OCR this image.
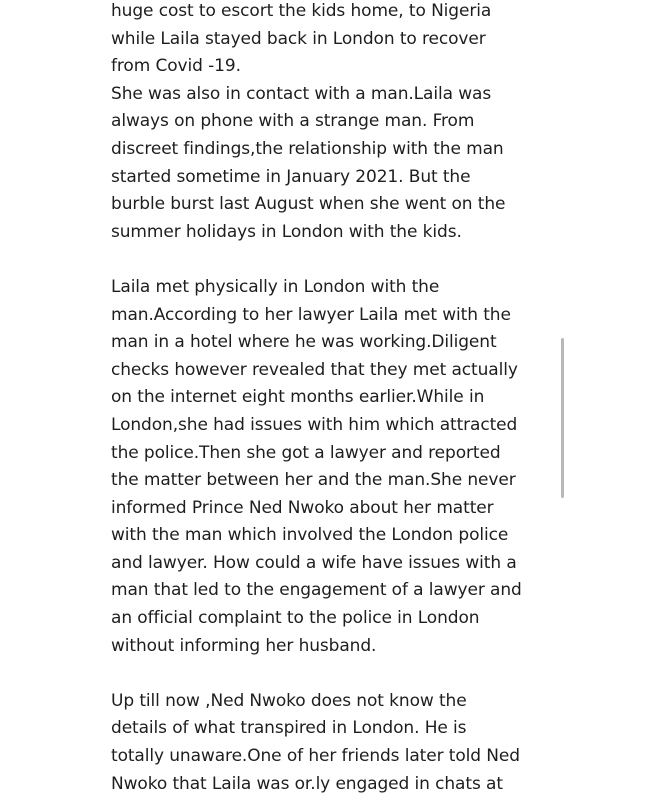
huge cost to escort the kids home, to Nigeria
while Laila stayed back in London to recover
from Covid -19.
She was also in contact with a man.Laila was
always on phone with a strange man. From
discreet findings,the relationship with the man
started sometime in January 2021. But the
burble burst last August when she went on the
summer holidays in London with the kids.
Laila met physically in London with the
man.According to her lawyer Laila met with the
man in a hotel where he was working.Diligent
checks however revealed that they met actually
on the internet eight months earlier.While in
London,she had issues with him which attracted
the police.Then she got a lawyer and reported
the matter between her and the man.She never
informed Prince Ned Nwoko about her matter
with the man which involved the London police
and lawyer. How could a wife have issues with a
man that led to the engagement of a lawyer and
an official complaint to the police in London
without informing her husband.
Up till now ,Ned Nwoko does not know the
details of what transpired in London. He is
totally unaware.One of her friends later told Ned
Nwoko that Laila was or.ly engaged in chats at
